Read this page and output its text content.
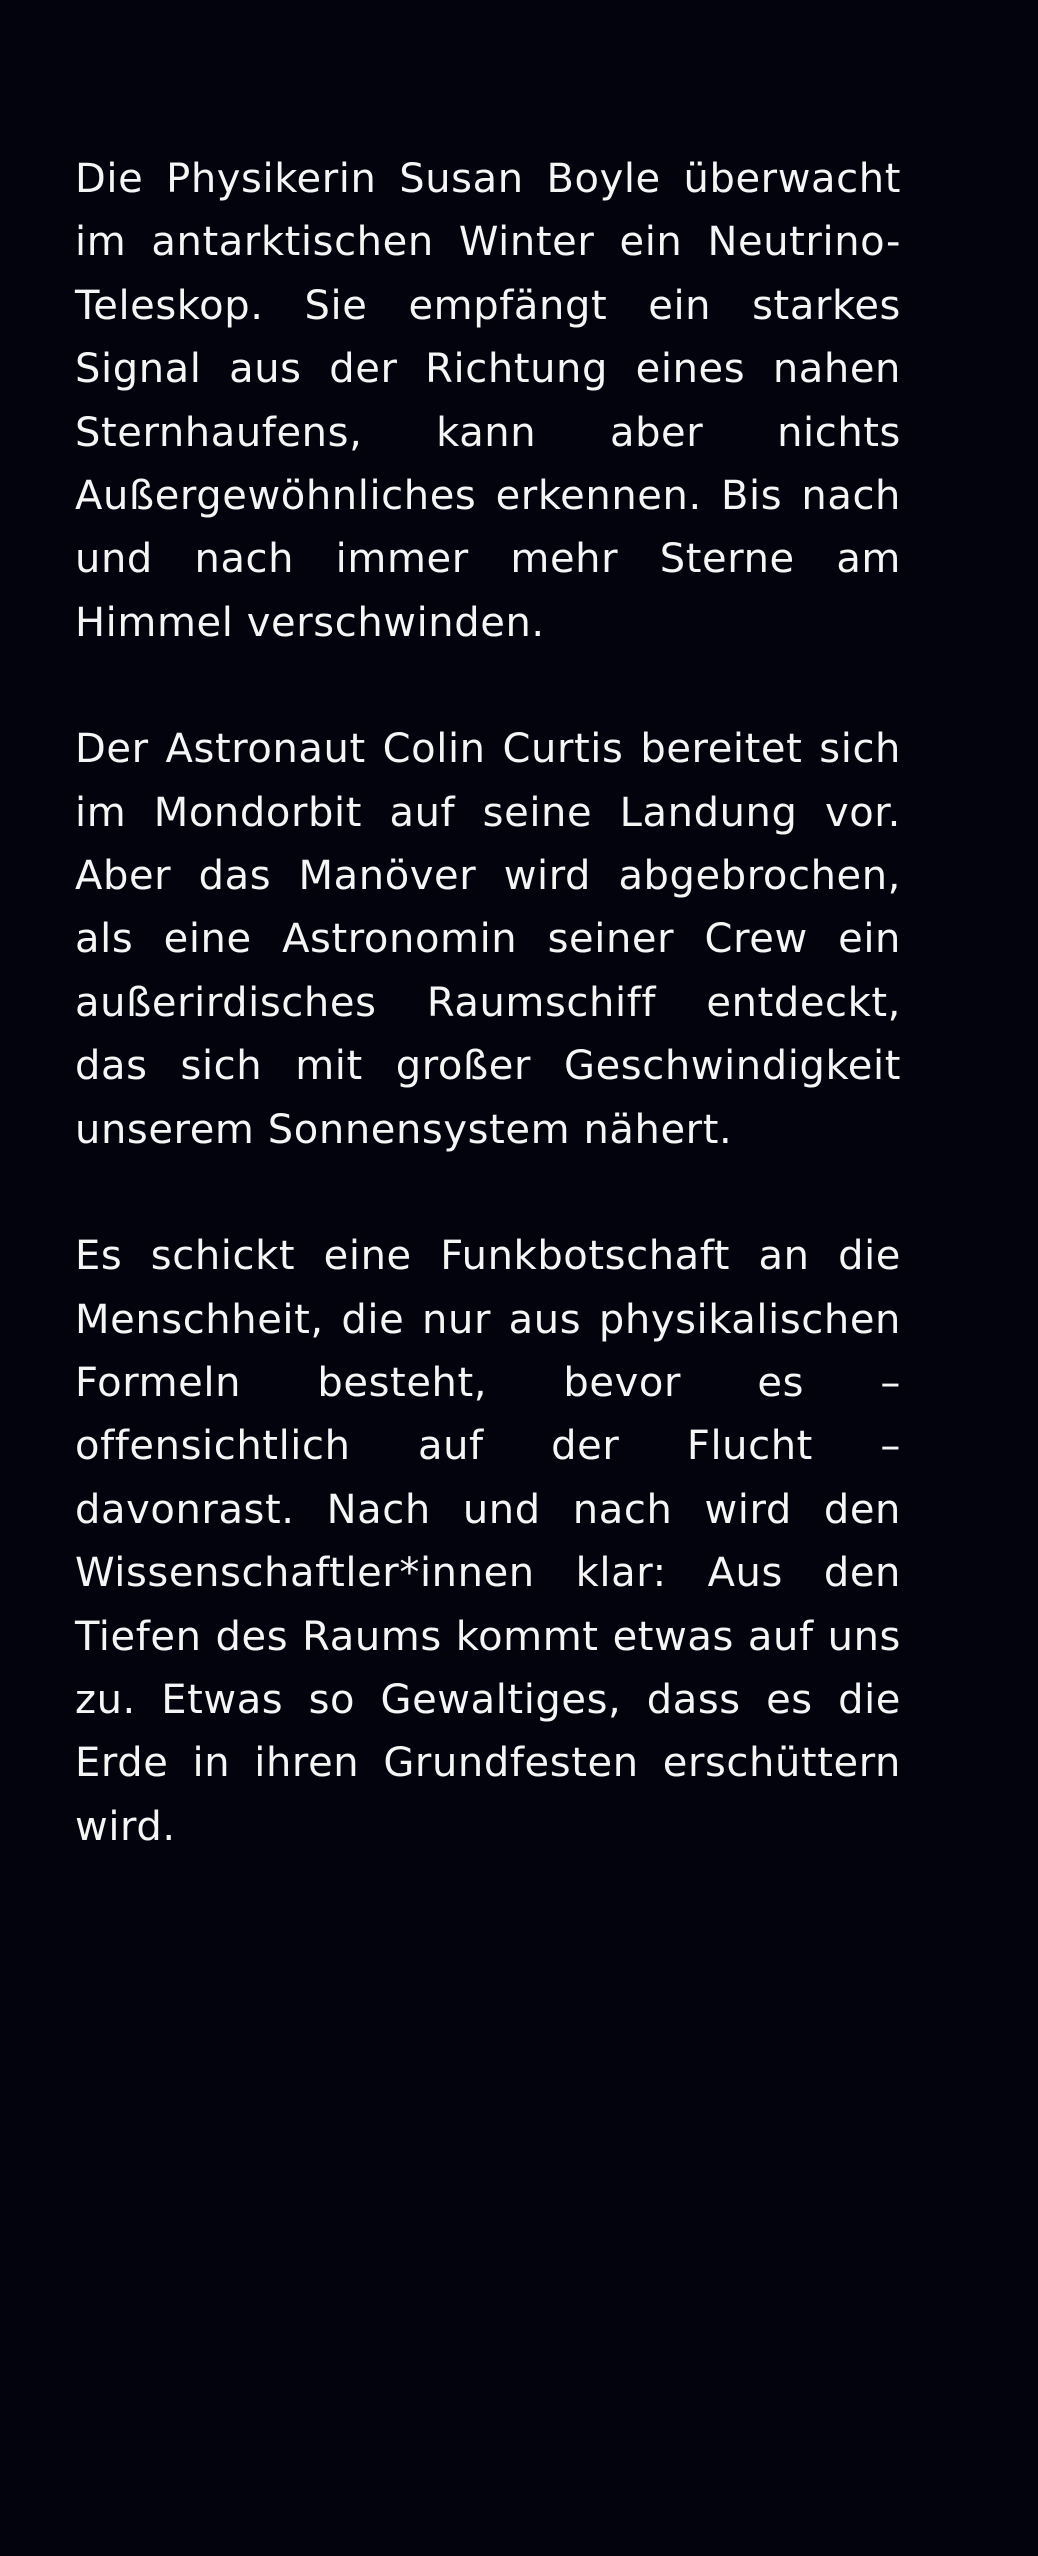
Die Physikerin Susan Boyle überwacht im antarktischen Winter ein Neutrino-Teleskop. Sie empfängt ein starkes Signal aus der Richtung eines nahen Sternhaufens, kann aber nichts Außergewöhnliches erkennen. Bis nach und nach immer mehr Sterne am Himmel verschwinden.

Der Astronaut Colin Curtis bereitet sich im Mondorbit auf seine Landung vor. Aber das Manöver wird abgebrochen, als eine Astronomin seiner Crew ein außerirdisches Raumschiff entdeckt, das sich mit großer Geschwindigkeit unserem Sonnensystem nähert.

Es schickt eine Funkbotschaft an die Menschheit, die nur aus physikalischen Formeln besteht, bevor es – offensichtlich auf der Flucht – davonrast. Nach und nach wird den Wissenschaftler*innen klar: Aus den Tiefen des Raums kommt etwas auf uns zu. Etwas so Gewaltiges, dass es die Erde in ihren Grundfesten erschüttern wird.
